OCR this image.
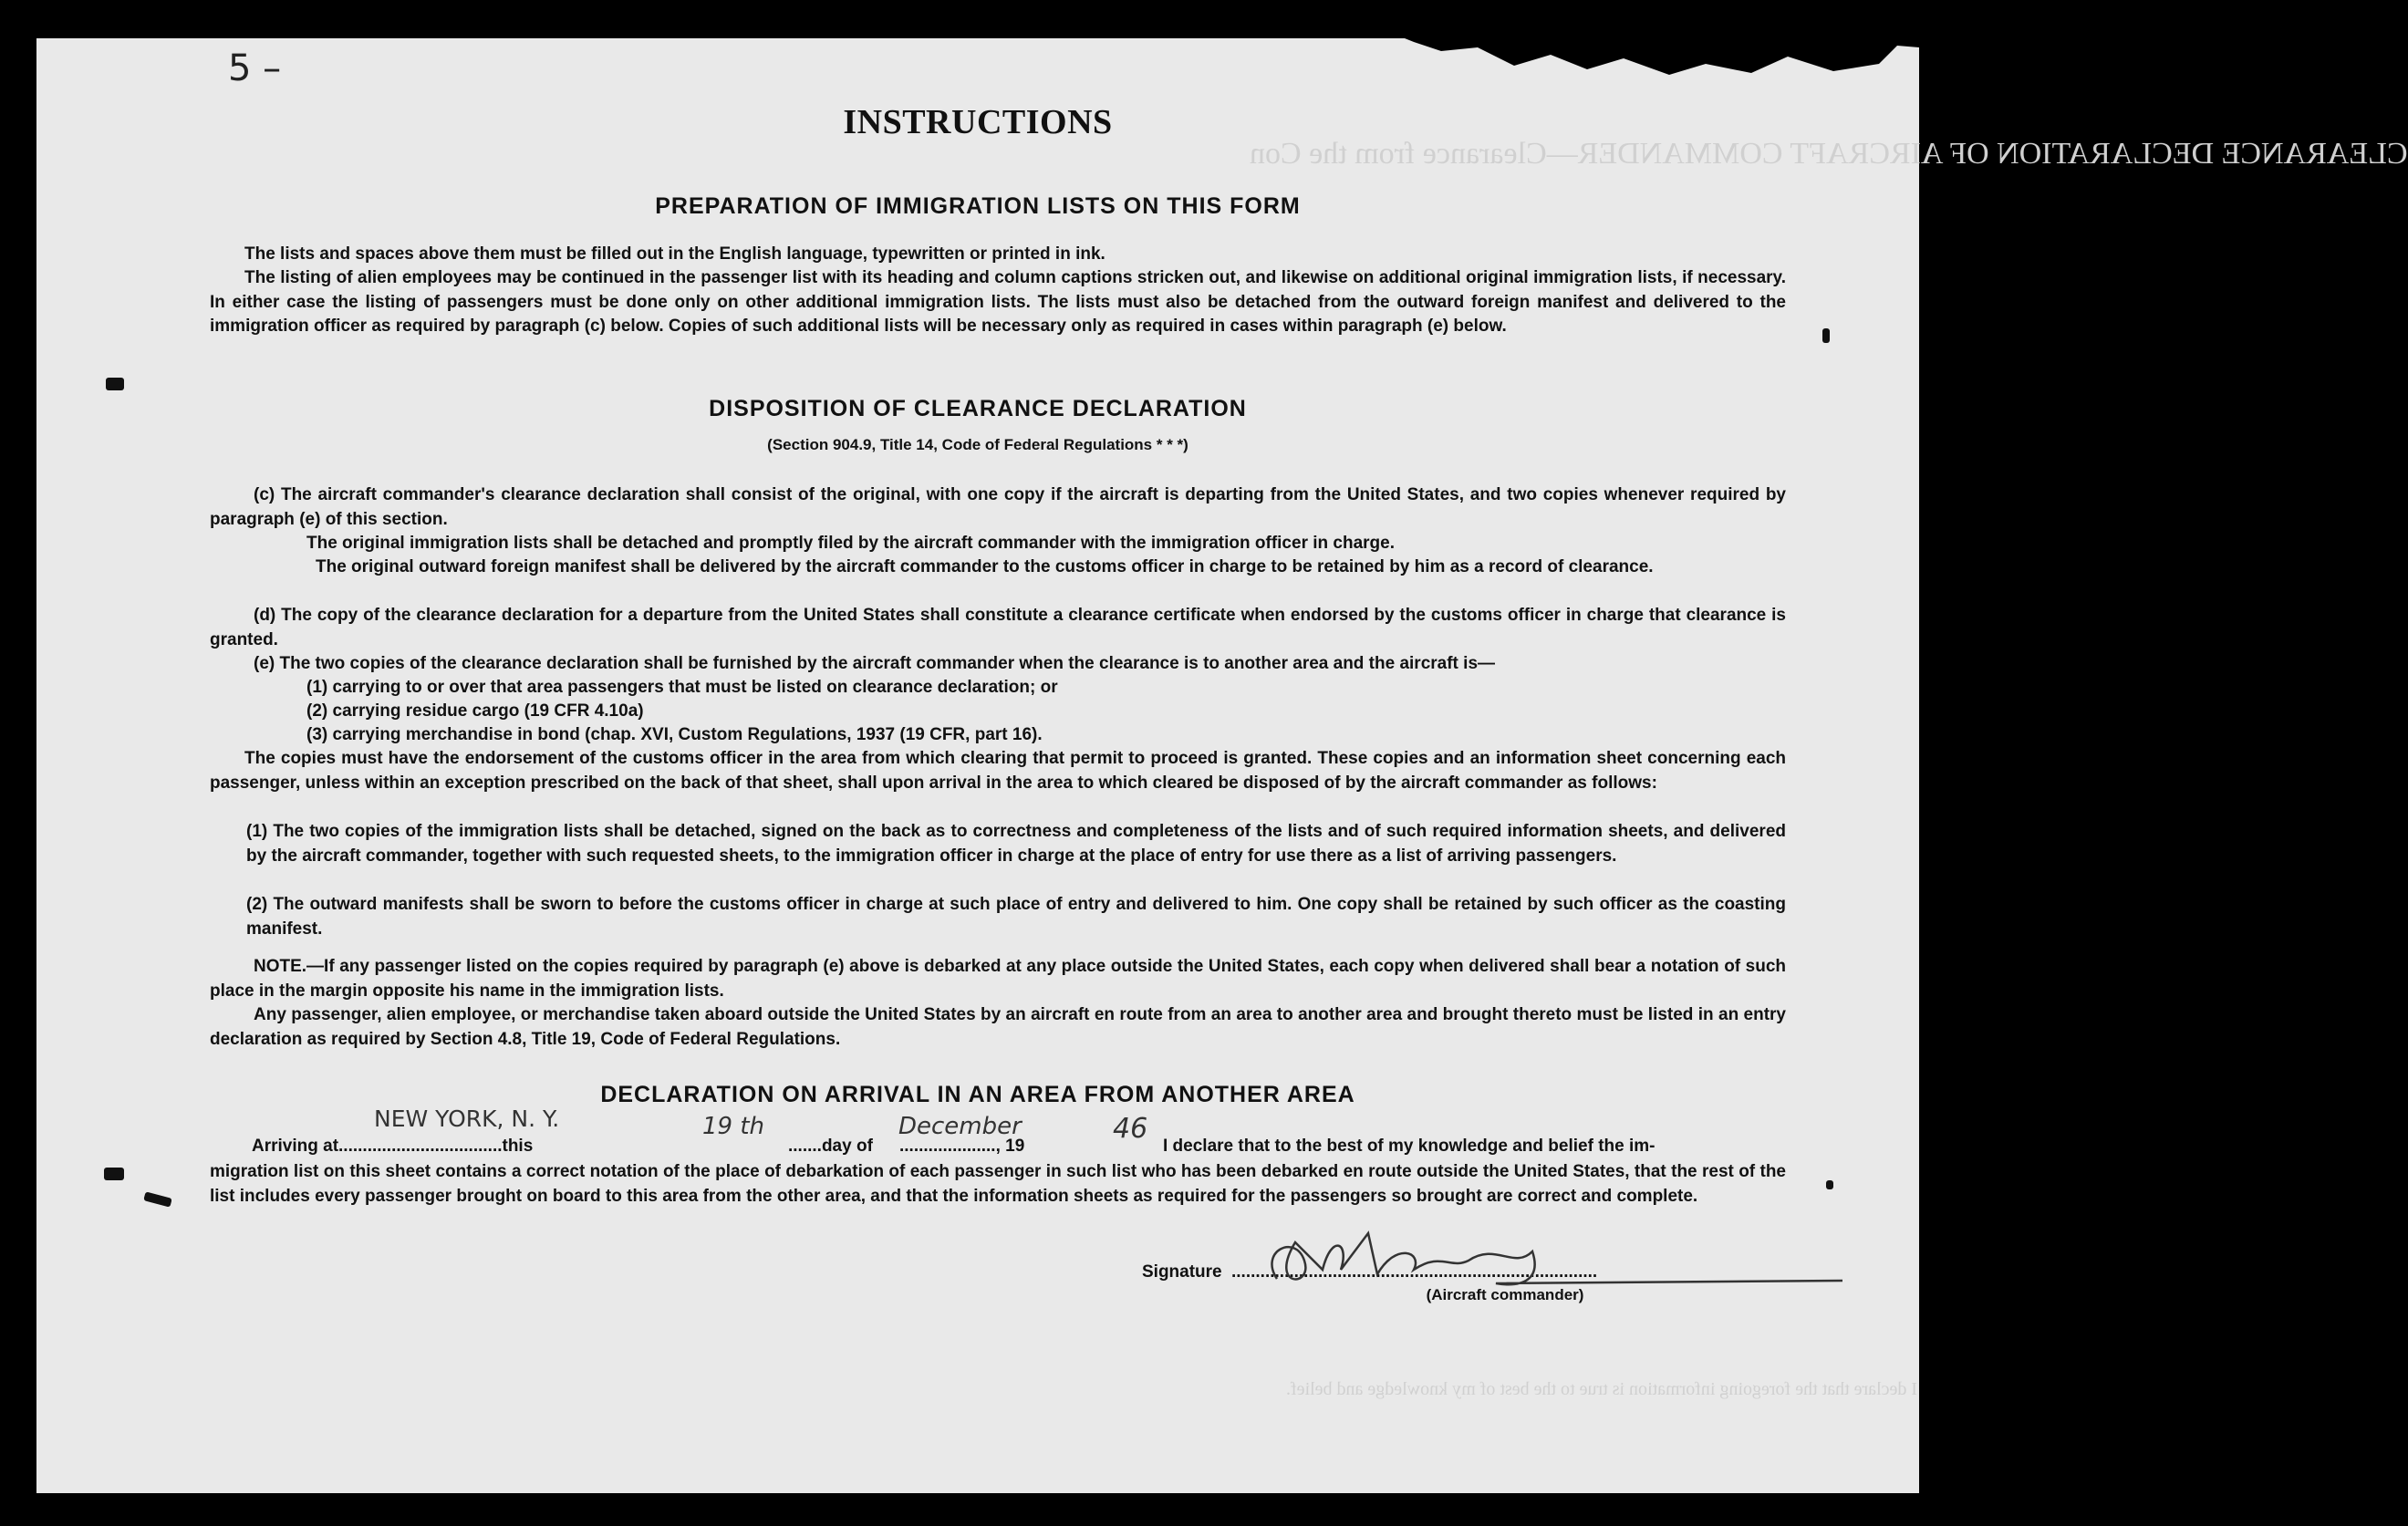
CLEARANCE DECLARATION OF AIRCRAFT COMMANDER—Clearance from the Con
I declare that the foregoing information is true to the best of my knowledge and belief.
5 –
INSTRUCTIONS
PREPARATION OF IMMIGRATION LISTS ON THIS FORM

The lists and spaces above them must be filled out in the English language, typewritten or printed in ink.

The listing of alien employees may be continued in the passenger list with its heading and column captions stricken out, and likewise on additional original immigration lists, if necessary. In either case the listing of passengers must be done only on other additional immigration lists. The lists must also be detached from the outward foreign manifest and delivered to the immigration officer as required by paragraph (c) below. Copies of such additional lists will be necessary only as required in cases within paragraph (e) below.

DISPOSITION OF CLEARANCE DECLARATION
(Section 904.9, Title 14, Code of Federal Regulations * * *)

(c) The aircraft commander's clearance declaration shall consist of the original, with one copy if the aircraft is departing from the United States, and two copies whenever required by paragraph (e) of this section.

The original immigration lists shall be detached and promptly filed by the aircraft commander with the immigration officer in charge.

The original outward foreign manifest shall be delivered by the aircraft commander to the customs officer in charge to be retained by him as a record of clearance.

(d) The copy of the clearance declaration for a departure from the United States shall constitute a clearance certificate when endorsed by the customs officer in charge that clearance is granted.

(e) The two copies of the clearance declaration shall be furnished by the aircraft commander when the clearance is to another area and the aircraft is—

(1) carrying to or over that area passengers that must be listed on clearance declaration; or

(2) carrying residue cargo (19 CFR 4.10a)

(3) carrying merchandise in bond (chap. XVI, Custom Regulations, 1937 (19 CFR, part 16).

The copies must have the endorsement of the customs officer in the area from which clearing that permit to proceed is granted. These copies and an information sheet concerning each passenger, unless within an exception prescribed on the back of that sheet, shall upon arrival in the area to which cleared be disposed of by the aircraft commander as follows:

(1) The two copies of the immigration lists shall be detached, signed on the back as to correctness and completeness of the lists and of such required information sheets, and delivered by the aircraft commander, together with such requested sheets, to the immigration officer in charge at the place of entry for use there as a list of arriving passengers.

(2) The outward manifests shall be sworn to before the customs officer in charge at such place of entry and delivered to him. One copy shall be retained by such officer as the coasting manifest.

NOTE.—If any passenger listed on the copies required by paragraph (e) above is debarked at any place outside the United States, each copy when delivered shall bear a notation of such place in the margin opposite his name in the immigration lists.

Any passenger, alien employee, or merchandise taken aboard outside the United States by an aircraft en route from an area to another area and brought thereto must be listed in an entry declaration as required by Section 4.8, Title 19, Code of Federal Regulations.

DECLARATION ON ARRIVAL IN AN AREA FROM ANOTHER AREA
Arriving at..................................this	.......day of ...................., 19	I declare that to the best of my knowledge and belief the im-
NEW YORK, N. Y.	19 th	December	46

migration list on this sheet contains a correct notation of the place of debarkation of each passenger in such list who has been debarked en route outside the United States, that the rest of the list includes every passenger brought on board to this area from the other area, and that the information sheets as required for the passengers so brought are correct and complete.

Signature ............................................................................
(Aircraft commander)
